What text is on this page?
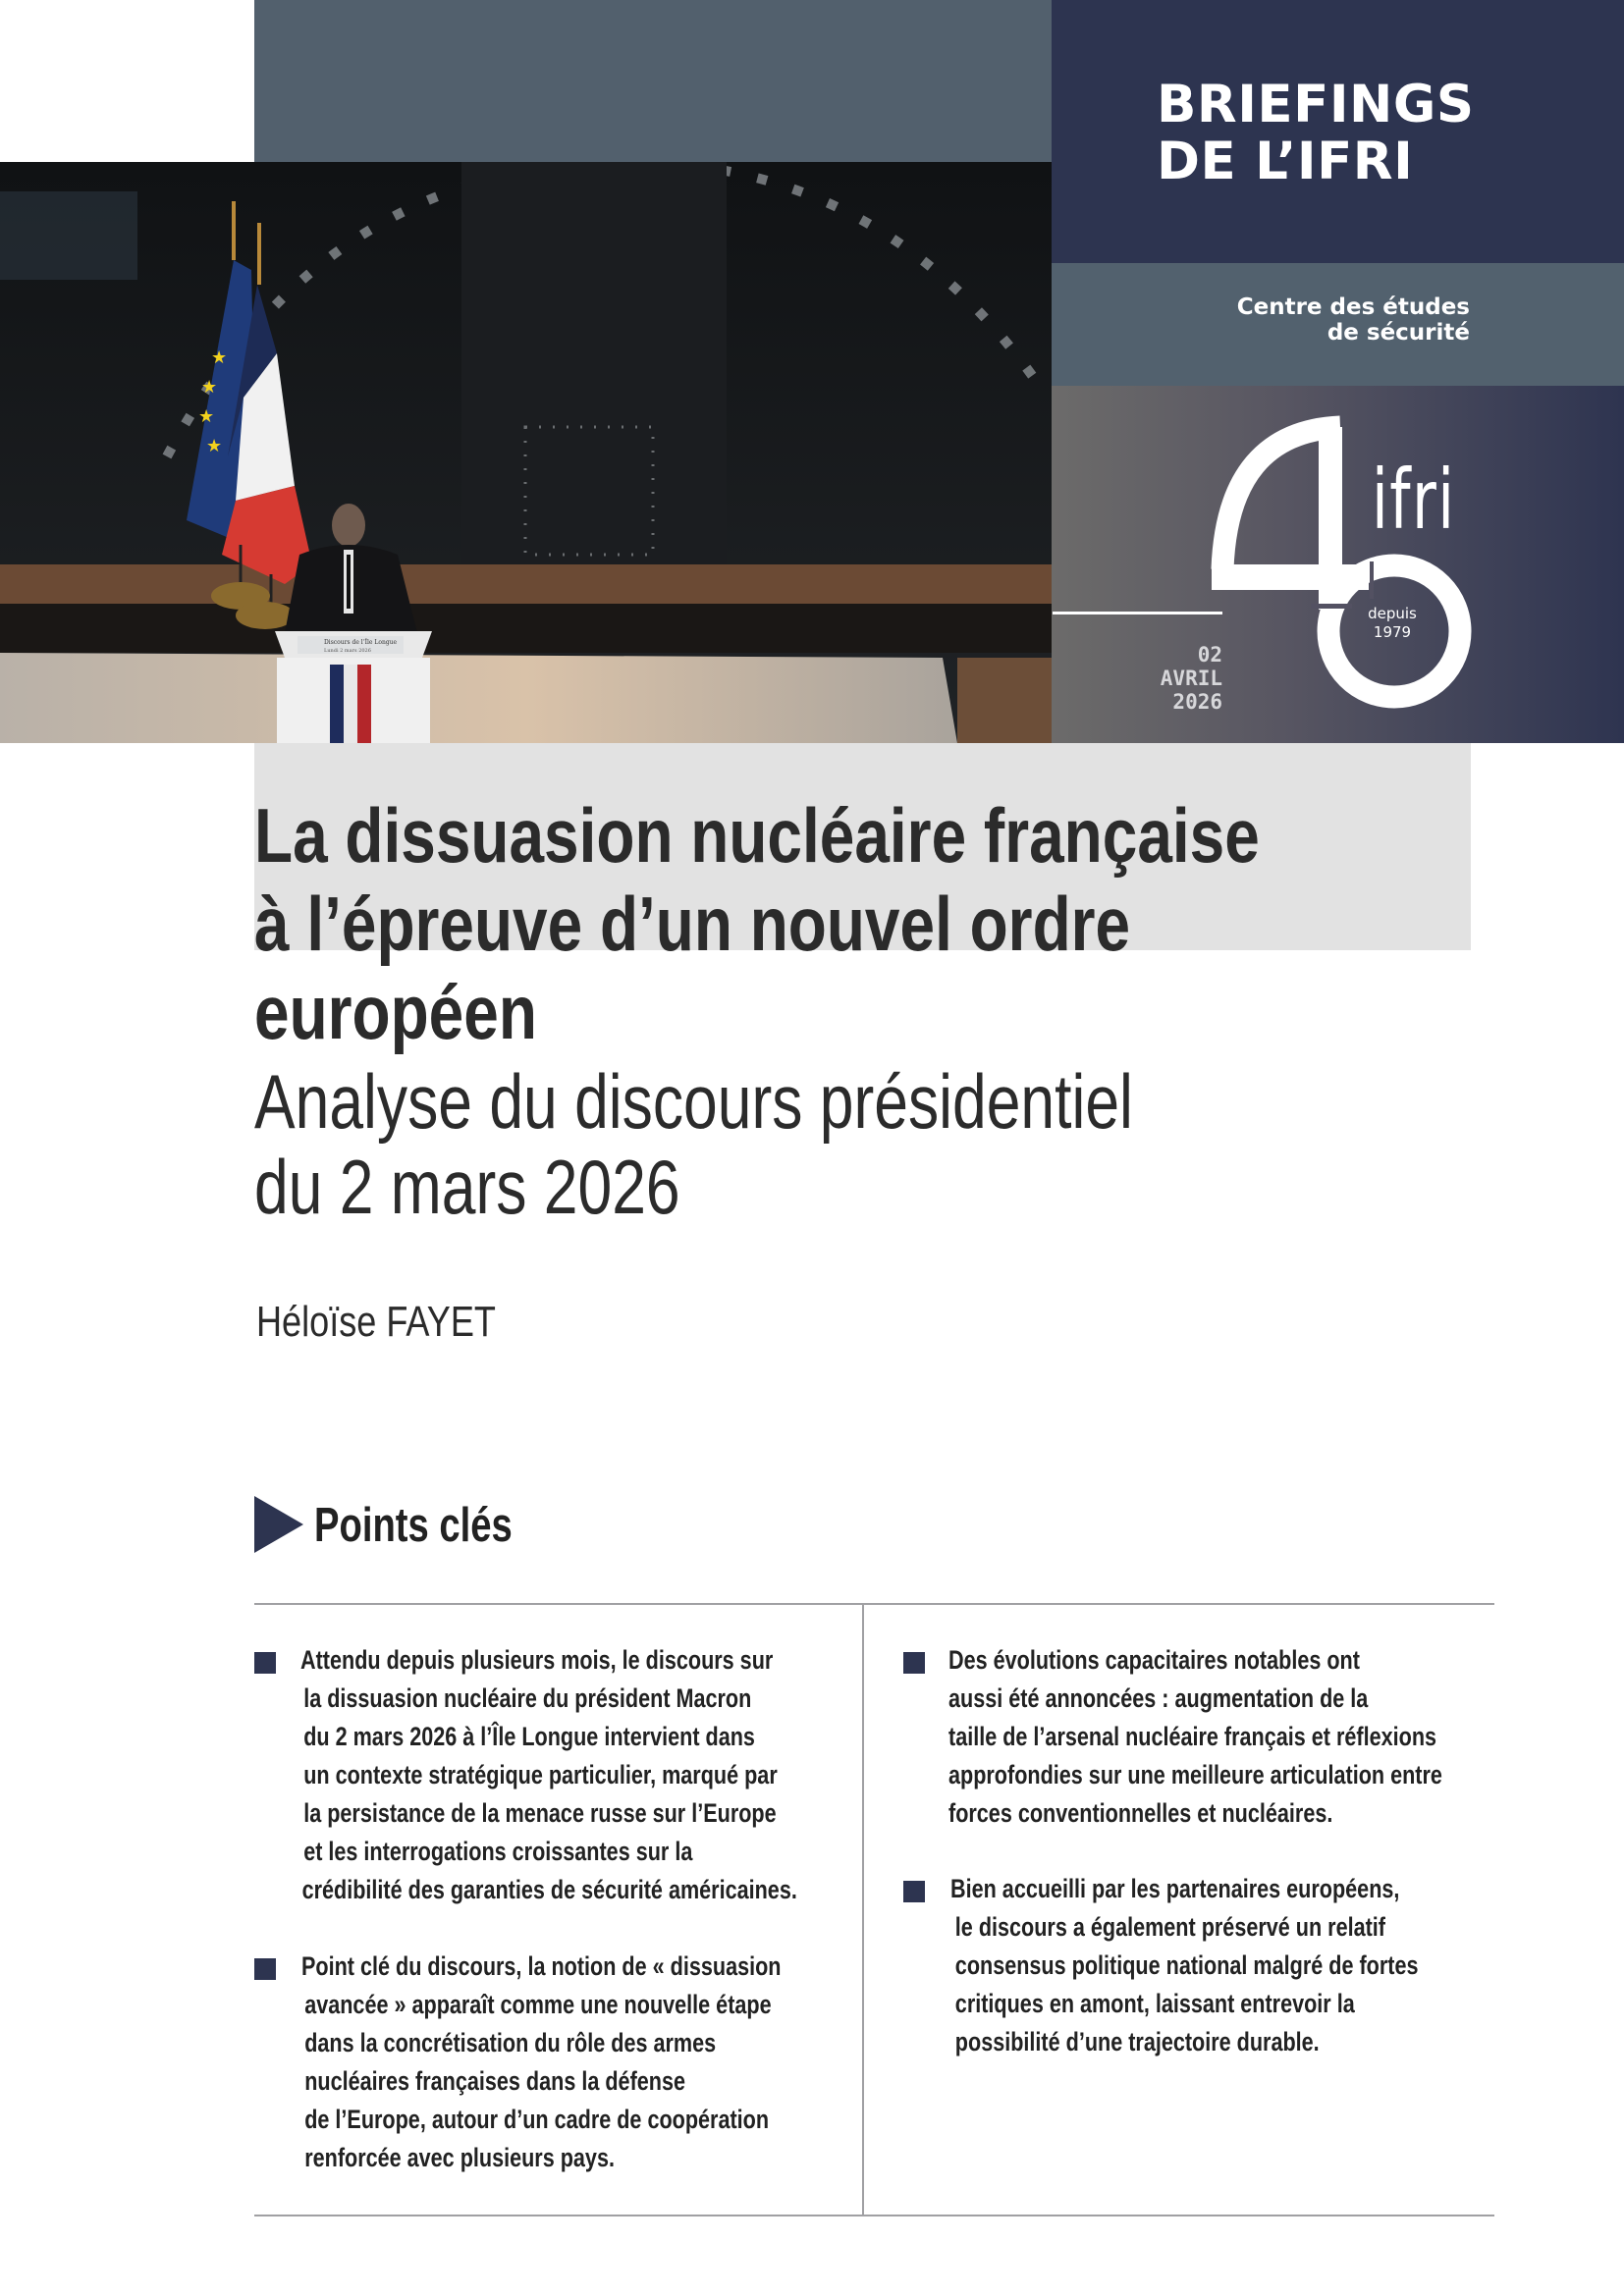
★
★
★
★
Discours de l’Île Longue
Lundi 2 mars 2026
BRIEFINGS
DE L’IFRI
Centre des études
de sécurité
02
AVRIL
2026
ifri
depuis
1979
La dissuasion nucléaire française
à l’épreuve d’un nouvel ordre
européen
Analyse du discours présidentiel
du 2 mars 2026
Héloïse FAYET
Points clés
Attendu depuis plusieurs mois, le discours sur
la dissuasion nucléaire du président Macron
du 2 mars 2026 à l’Île Longue intervient dans
un contexte stratégique particulier, marqué par
la persistance de la menace russe sur l’Europe
et les interrogations croissantes sur la
crédibilité des garanties de sécurité américaines.
Point clé du discours, la notion de « dissuasion
avancée » apparaît comme une nouvelle étape
dans la concrétisation du rôle des armes
nucléaires françaises dans la défense
de l’Europe, autour d’un cadre de coopération
renforcée avec plusieurs pays.
Des évolutions capacitaires notables ont
aussi été annoncées : augmentation de la
taille de l’arsenal nucléaire français et réflexions
approfondies sur une meilleure articulation entre
forces conventionnelles et nucléaires.
Bien accueilli par les partenaires européens,
le discours a également préservé un relatif
consensus politique national malgré de fortes
critiques en amont, laissant entrevoir la
possibilité d’une trajectoire durable.
